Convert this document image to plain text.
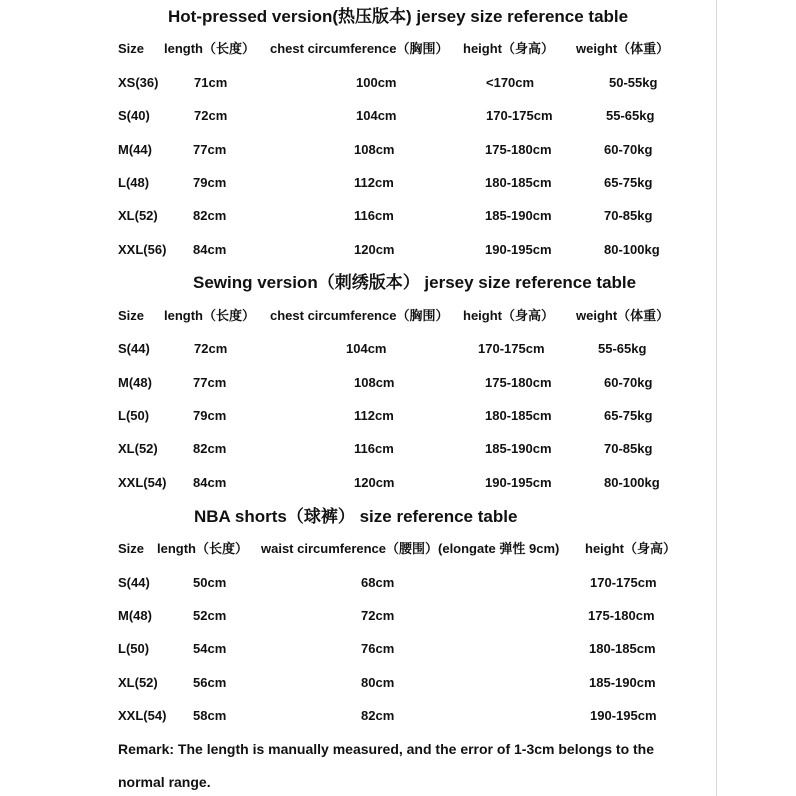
Hot-pressed version(热压版本) jersey size reference table
Size length（长度） chest circumference（胸围） height（身高） weight（体重）
XS(36)	71cm	100cm	<170cm	50-55kg
S(40)	72cm	104cm	170-175cm	55-65kg
M(44)	77cm	108cm	175-180cm	60-70kg
L(48)	79cm	112cm	180-185cm	65-75kg
XL(52)	82cm	116cm	185-190cm	70-85kg
XXL(56) 84cm	120cm	190-195cm	80-100kg
Sewing version（刺绣版本） jersey size reference table
Size length（长度） chest circumference（胸围） height（身高） weight（体重）
S(44)	72cm	104cm	170-175cm	55-65kg
M(48)	77cm	108cm	175-180cm	60-70kg
L(50)	79cm	112cm	180-185cm	65-75kg
XL(52)	82cm	116cm	185-190cm	70-85kg
XXL(54) 84cm	120cm	190-195cm	80-100kg
NBA shorts（球裤） size reference table
Size length（长度） waist circumference（腰围）(elongate 弹性 9cm) height（身高）
S(44)	50cm	68cm	170-175cm
M(48)	52cm	72cm	175-180cm
L(50)	54cm	76cm	180-185cm
XL(52)	56cm	80cm	185-190cm
XXL(54) 58cm	82cm	190-195cm
Remark: The length is manually measured, and the error of 1-3cm belongs to the
normal range.
